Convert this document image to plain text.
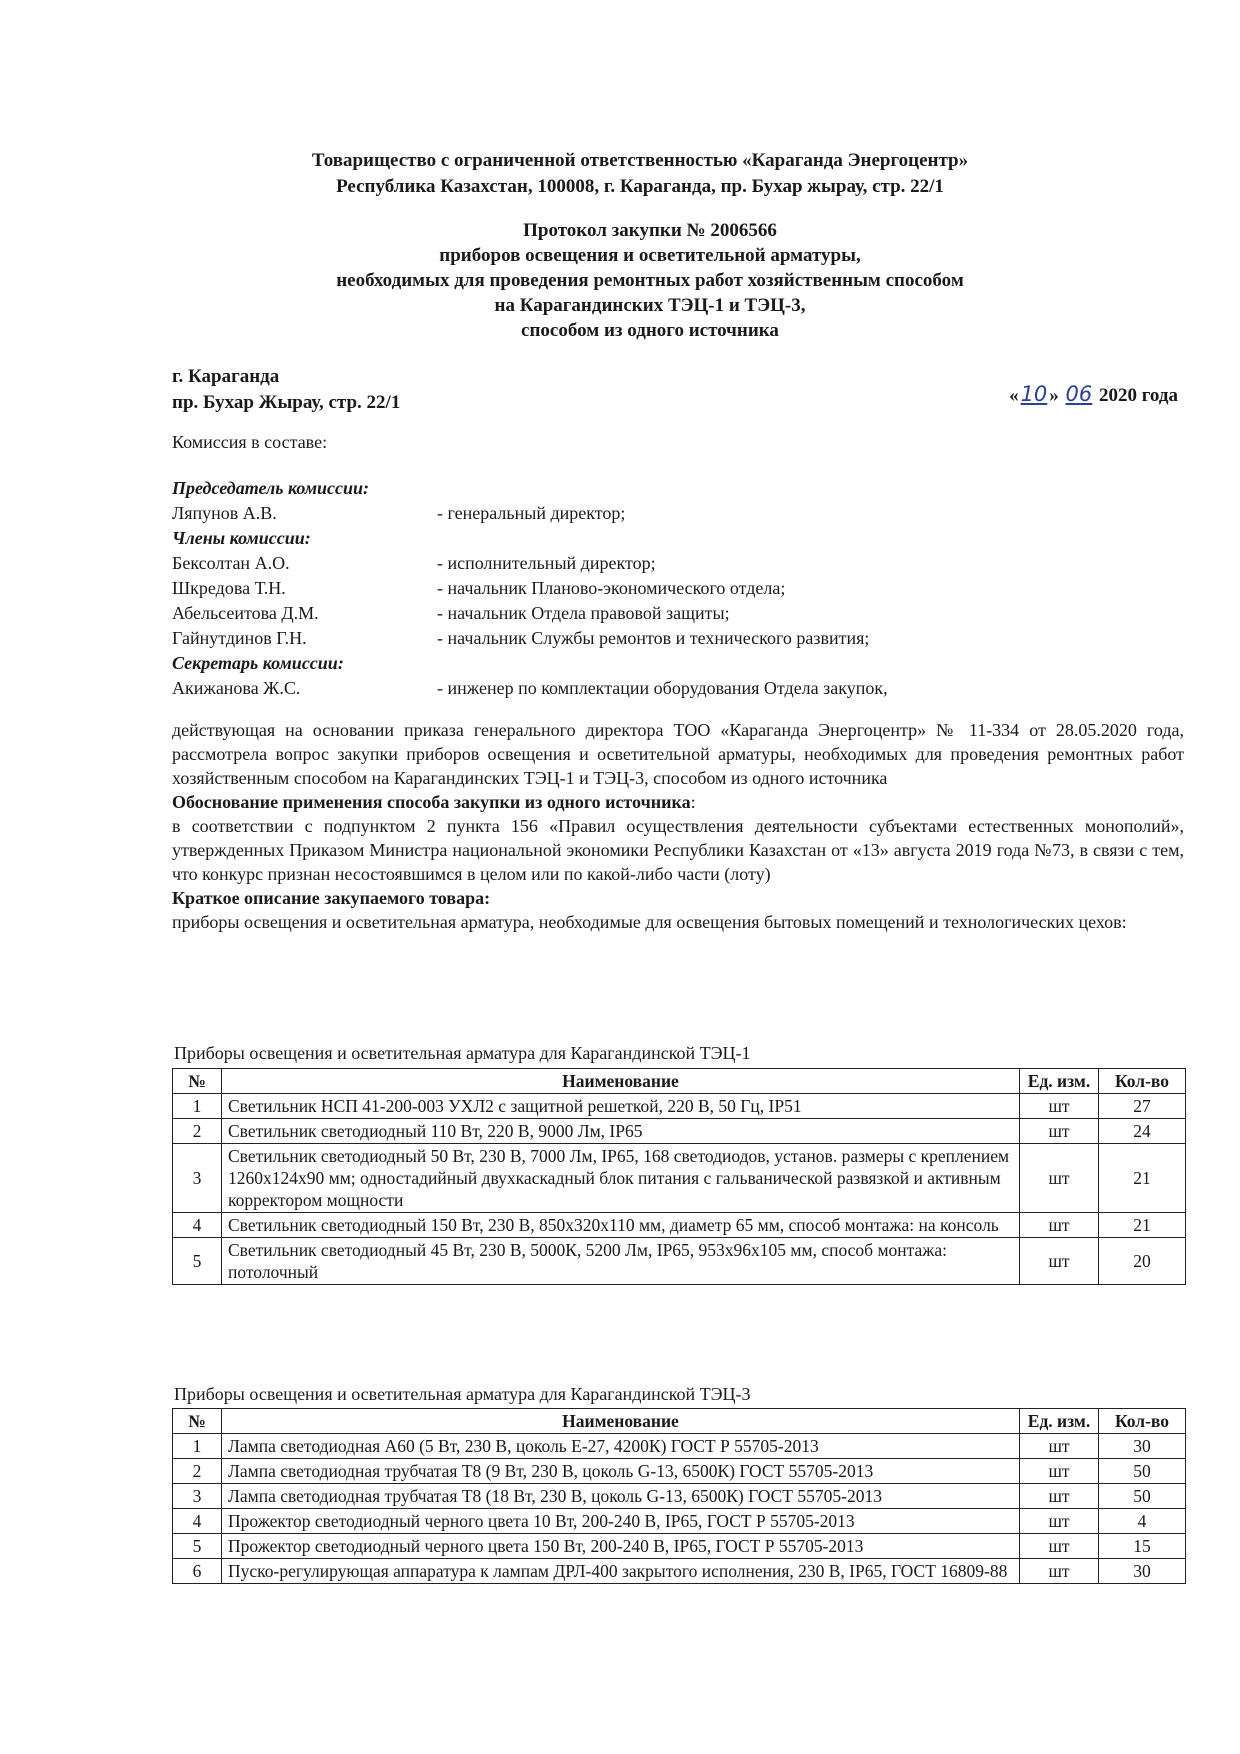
Товарищество с ограниченной ответственностью «Караганда Энергоцентр»
Республика Казахстан, 100008, г. Караганда, пр. Бухар жырау, стр. 22/1
Протокол закупки № 2006566
приборов освещения и осветительной арматуры,
необходимых для проведения ремонтных работ хозяйственным способом
на Карагандинских ТЭЦ-1 и ТЭЦ-3,
способом из одного источника
г. Караганда
пр. Бухар Жырау, стр. 22/1	«10 » 06 2020 года
Комиссия в составе:
Председатель комиссии:
Ляпунов А.В.	- генеральный директор;
Члены комиссии:
Бексолтан А.О.	- исполнительный директор;
Шкредова Т.Н.	- начальник Планово-экономического отдела;
Абельсеитова Д.М.	- начальник Отдела правовой защиты;
Гайнутдинов Г.Н.	- начальник Службы ремонтов и технического развития;
Секретарь комиссии:
Акижанова Ж.С.	- инженер по комплектации оборудования Отдела закупок,

действующая на основании приказа генерального директора ТОО «Караганда Энергоцентр» № 11-334 от 28.05.2020 года, рассмотрела вопрос закупки приборов освещения и осветительной арматуры, необходимых для проведения ремонтных работ хозяйственным способом на Карагандинских ТЭЦ-1 и ТЭЦ-3, способом из одного источника

Обоснование применения способа закупки из одного источника:

в соответствии с подпунктом 2 пункта 156 «Правил осуществления деятельности субъектами естественных монополий», утвержденных Приказом Министра национальной экономики Республики Казахстан от «13» августа 2019 года №73, в связи с тем, что конкурс признан несостоявшимся в целом или по какой-либо части (лоту)

Краткое описание закупаемого товара:

приборы освещения и осветительная арматура, необходимые для освещения бытовых помещений и технологических цехов:

Приборы освещения и осветительная арматура для Карагандинской ТЭЦ-1
№	Наименование	Ед. изм.	Кол-во
1	Светильник НСП 41-200-003 УХЛ2 с защитной решеткой, 220 В, 50 Гц, IP51	шт	27
2	Светильник светодиодный 110 Вт, 220 В, 9000 Лм, IP65	шт	24
3	Светильник светодиодный 50 Вт, 230 В, 7000 Лм, IP65, 168 светодиодов, установ. размеры с креплением 1260х124х90 мм; одностадийный двухкаскадный блок питания с гальванической развязкой и активным корректором мощности	шт	21
4	Светильник светодиодный 150 Вт, 230 В, 850х320х110 мм, диаметр 65 мм, способ монтажа: на консоль	шт	21
5	Светильник светодиодный 45 Вт, 230 В, 5000К, 5200 Лм, IP65, 953х96х105 мм, способ монтажа: потолочный	шт	20
Приборы освещения и осветительная арматура для Карагандинской ТЭЦ-3
№	Наименование	Ед. изм.	Кол-во
1	Лампа светодиодная А60 (5 Вт, 230 В, цоколь Е-27, 4200К) ГОСТ Р 55705-2013	шт	30
2	Лампа светодиодная трубчатая Т8 (9 Вт, 230 В, цоколь G-13, 6500К) ГОСТ 55705-2013	шт	50
3	Лампа светодиодная трубчатая Т8 (18 Вт, 230 В, цоколь G-13, 6500К) ГОСТ 55705-2013	шт	50
4	Прожектор светодиодный черного цвета 10 Вт, 200-240 В, IP65, ГОСТ Р 55705-2013	шт	4
5	Прожектор светодиодный черного цвета 150 Вт, 200-240 В, IP65, ГОСТ Р 55705-2013	шт	15
6	Пуско-регулирующая аппаратура к лампам ДРЛ-400 закрытого исполнения, 230 В, IP65, ГОСТ 16809-88	шт	30
